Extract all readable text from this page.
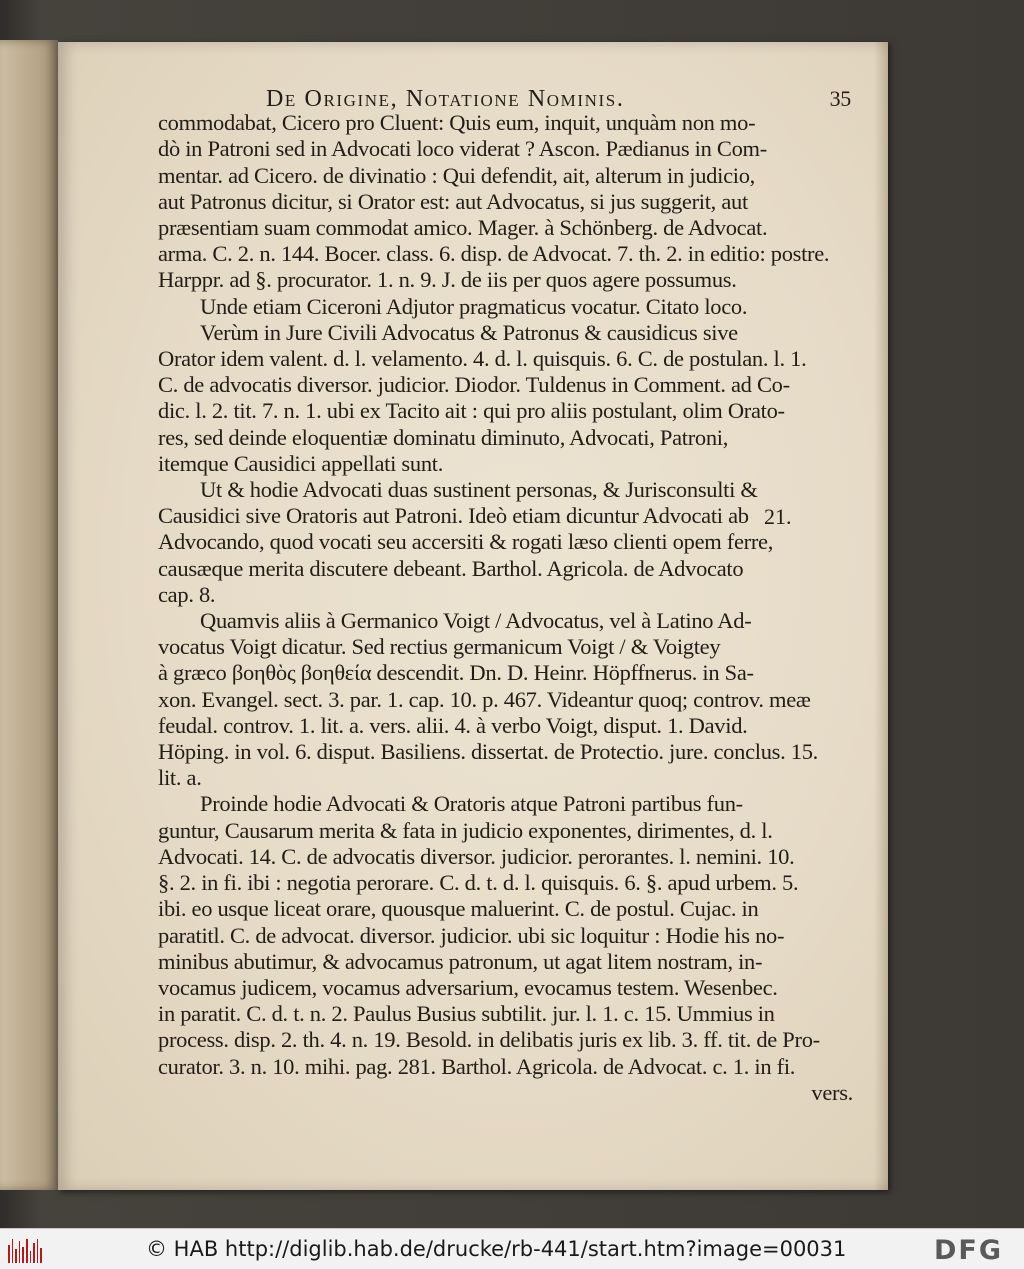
De Origine, Notatione Nominis.	35
commodabat, Cicero pro Cluent: Quis eum, inquit, unquàm non mo-
dò in Patroni sed in Advocati loco viderat ? Ascon. Pædianus in Com-
mentar. ad Cicero. de divinatio : Qui defendit, ait, alterum in judicio,
aut Patronus dicitur, si Orator est: aut Advocatus, si jus suggerit, aut
præsentiam suam commodat amico. Mager. à Schönberg. de Advocat.
arma. C. 2. n. 144. Bocer. class. 6. disp. de Advocat. 7. th. 2. in editio: postre.
Harppr. ad §. procurator. 1. n. 9. J. de iis per quos agere possumus.
Unde etiam Ciceroni Adjutor pragmaticus vocatur. Citato loco.
Verùm in Jure Civili Advocatus & Patronus & causidicus sive
Orator idem valent. d. l. velamento. 4. d. l. quisquis. 6. C. de postulan. l. 1.
C. de advocatis diversor. judicior. Diodor. Tuldenus in Comment. ad Co-
dic. l. 2. tit. 7. n. 1. ubi ex Tacito ait : qui pro aliis postulant, olim Orato-
res, sed deinde eloquentiæ dominatu diminuto, Advocati, Patroni,
itemque Causidici appellati sunt.
Ut & hodie Advocati duas sustinent personas, & Jurisconsulti &
Causidici sive Oratoris aut Patroni. Ideò etiam dicuntur Advocati ab
Advocando, quod vocati seu accersiti & rogati læso clienti opem ferre,
causæque merita discutere debeant. Barthol. Agricola. de Advocato
cap. 8.
Quamvis aliis à Germanico Voigt / Advocatus, vel à Latino Ad-
vocatus Voigt dicatur. Sed rectius germanicum Voigt / & Voigtey
à græco βοηθὸς βοηθεία descendit. Dn. D. Heinr. Höpffnerus. in Sa-
xon. Evangel. sect. 3. par. 1. cap. 10. p. 467. Videantur quoq; controv. meæ
feudal. controv. 1. lit. a. vers. alii. 4. à verbo Voigt, disput. 1. David.
Höping. in vol. 6. disput. Basiliens. dissertat. de Protectio. jure. conclus. 15.
lit. a.
Proinde hodie Advocati & Oratoris atque Patroni partibus fun-
guntur, Causarum merita & fata in judicio exponentes, dirimentes, d. l.
Advocati. 14. C. de advocatis diversor. judicior. perorantes. l. nemini. 10.
§. 2. in fi. ibi : negotia perorare. C. d. t. d. l. quisquis. 6. §. apud urbem. 5.
ibi. eo usque liceat orare, quousque maluerint. C. de postul. Cujac. in
paratitl. C. de advocat. diversor. judicior. ubi sic loquitur : Hodie his no-
minibus abutimur, & advocamus patronum, ut agat litem nostram, in-
vocamus judicem, vocamus adversarium, evocamus testem. Wesenbec.
in paratit. C. d. t. n. 2. Paulus Busius subtilit. jur. l. 1. c. 15. Ummius in
process. disp. 2. th. 4. n. 19. Besold. in delibatis juris ex lib. 3. ff. tit. de Pro-
curator. 3. n. 10. mihi. pag. 281. Barthol. Agricola. de Advocat. c. 1. in fi.
vers.
21.
© HAB http://diglib.hab.de/drucke/rb-441/start.htm?image=00031	DFG
